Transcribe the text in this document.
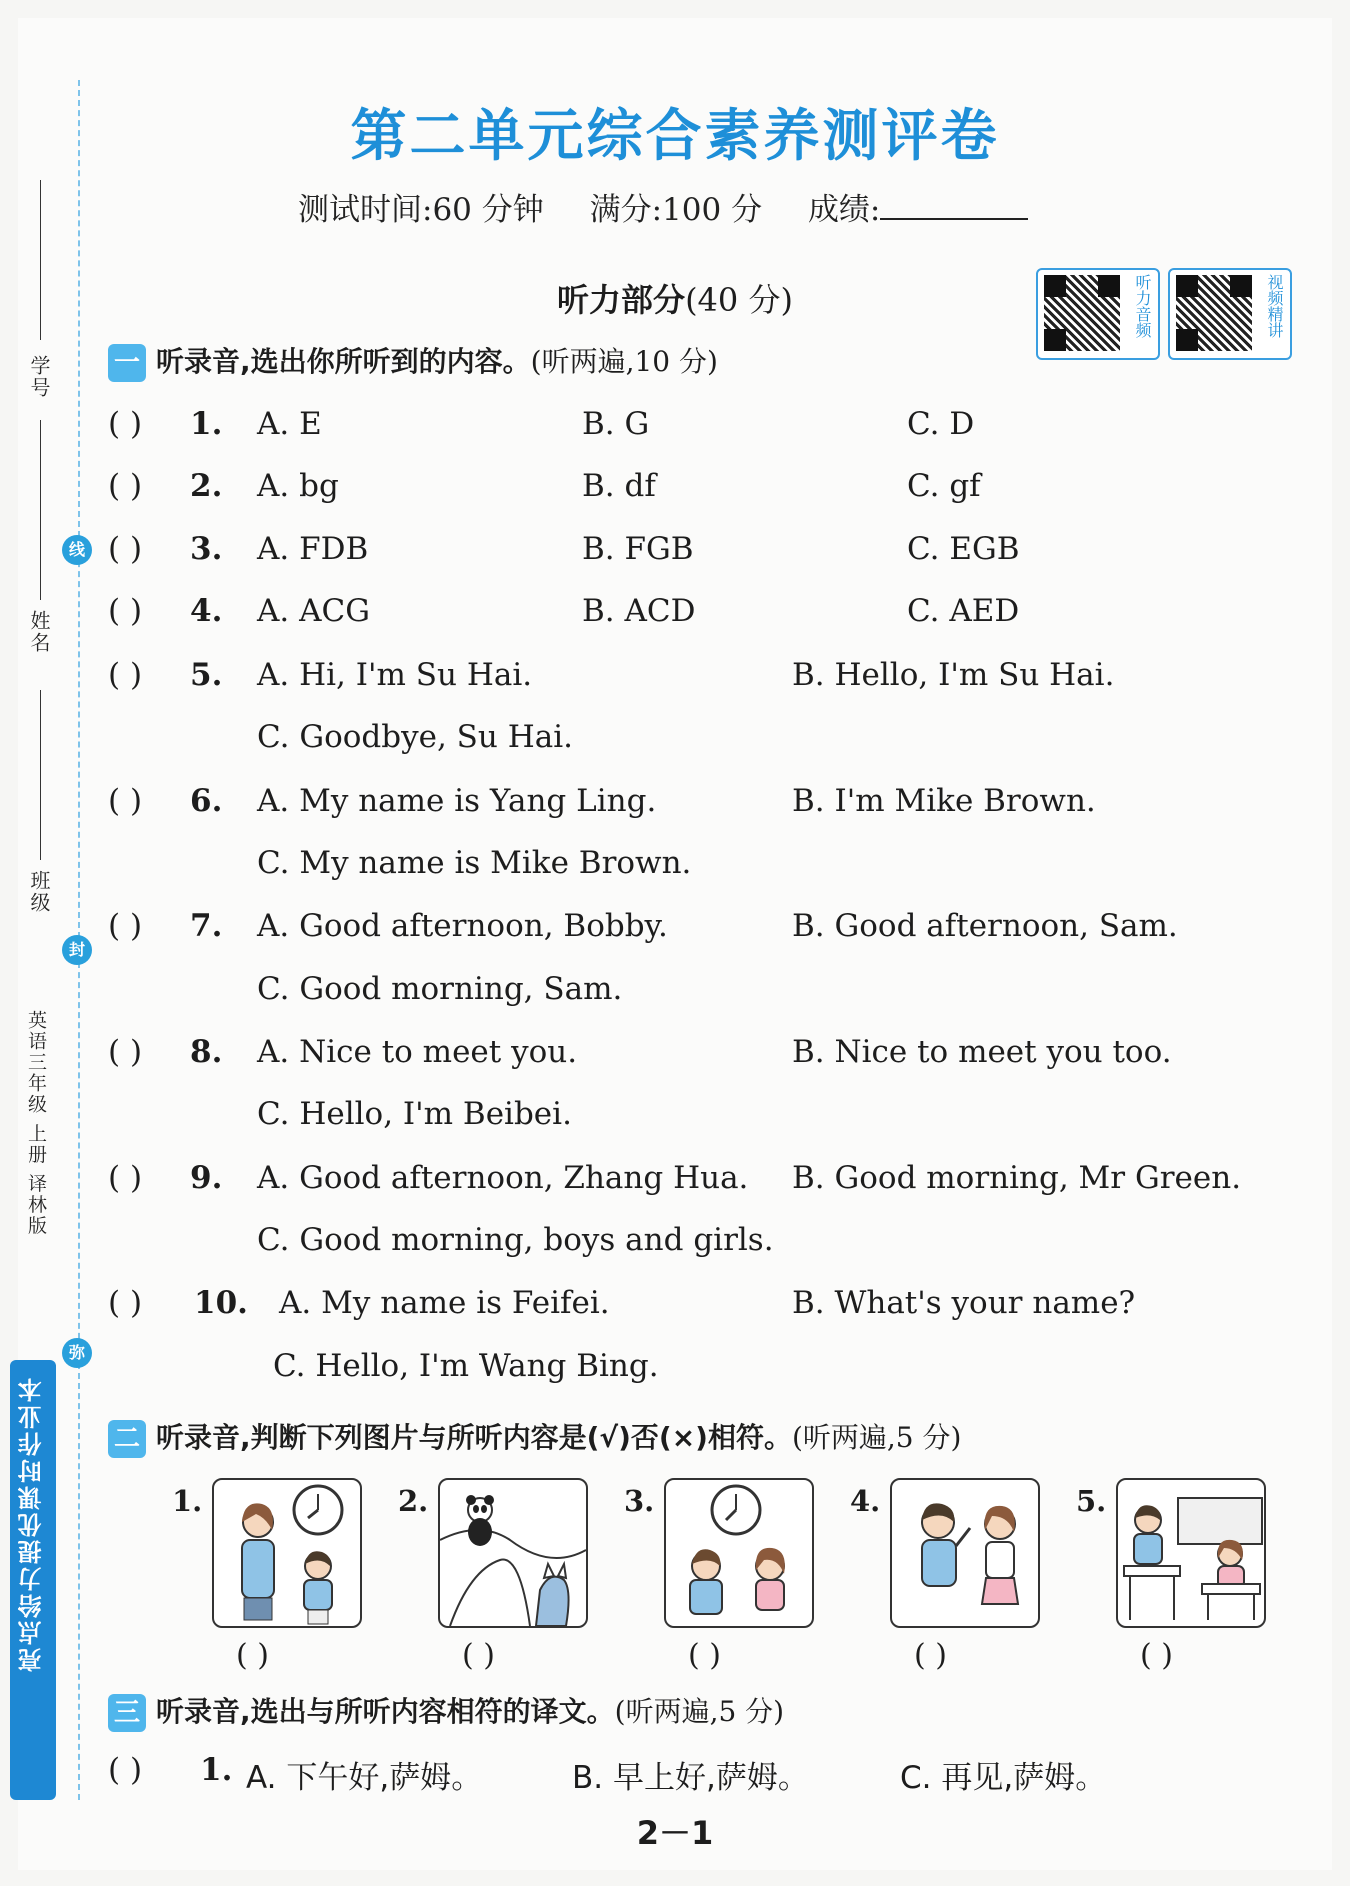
学号
姓名
班级
线
封
弥
英语三年级 上册 译林版
亮点给力提优课时作业本
第二单元综合素养测评卷
测试时间:60 分钟 满分:100 分 成绩:
听力部分(40 分)	听力音频	视频精讲
一 听录音,选出你所听到的内容。(听两遍,10 分)
( ) 1. A. E	B. G	C. D
( ) 2. A. bg	B. df	C. gf
( ) 3. A. FDB	B. FGB	C. EGB
( ) 4. A. ACG	B. ACD	C. AED
( ) 5. A. Hi, I'm Su Hai.	B. Hello, I'm Su Hai.
C. Goodbye, Su Hai.
( ) 6. A. My name is Yang Ling.	B. I'm Mike Brown.
C. My name is Mike Brown.
( ) 7. A. Good afternoon, Bobby.	B. Good afternoon, Sam.
C. Good morning, Sam.
( ) 8. A. Nice to meet you.	B. Nice to meet you too.
C. Hello, I'm Beibei.
( ) 9. A. Good afternoon, Zhang Hua. B. Good morning, Mr Green.
C. Good morning, boys and girls.
( ) 10. A. My name is Feifei.	B. What's your name?
C. Hello, I'm Wang Bing.
二 听录音,判断下列图片与所听内容是(√)否(×)相符。(听两遍,5 分)
1.
( )
2.
( )
3.
( )
4.
( )
5.
( )
三 听录音,选出与所听内容相符的译文。(听两遍,5 分)
( ) 1. A. 下午好,萨姆。	B. 早上好,萨姆。	C. 再见,萨姆。
2－1
